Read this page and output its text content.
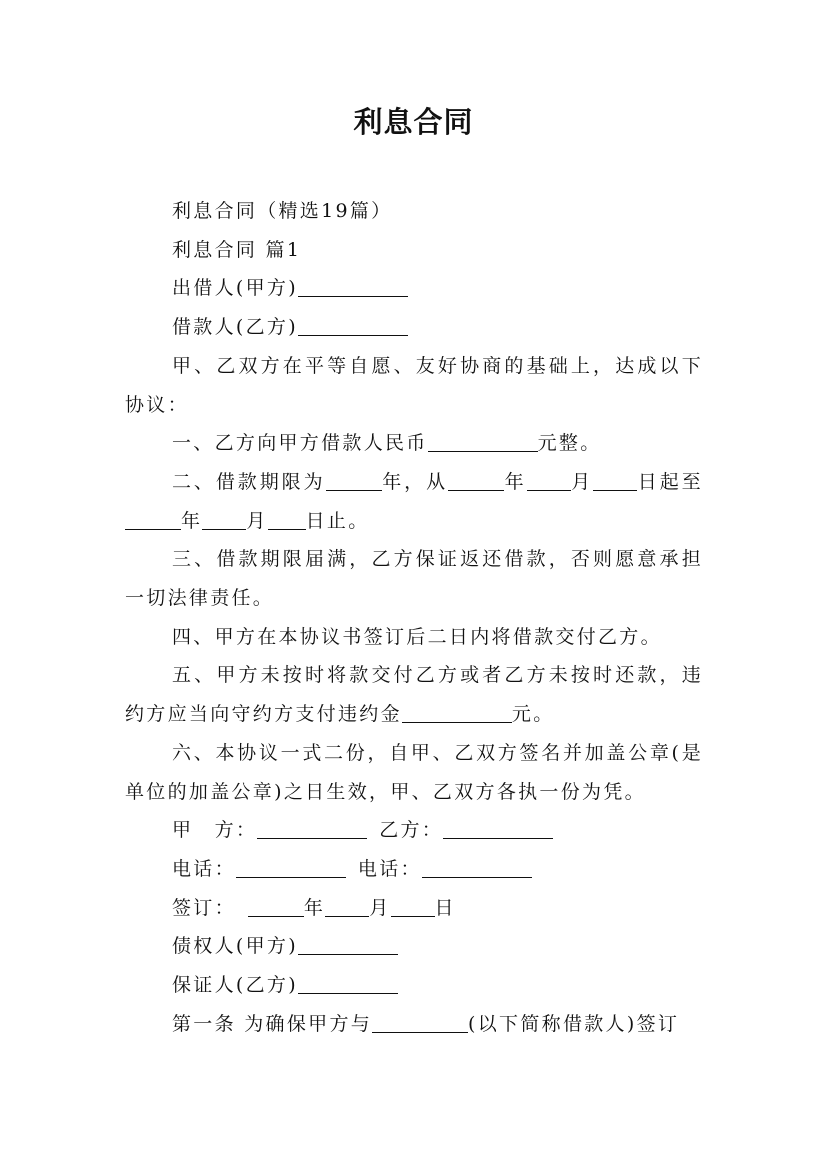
利息合同

利息合同（精选19篇）

利息合同 篇1

出借人(甲方)

借款人(乙方)

甲、乙双方在平等自愿、友好协商的基础上，达成以下协议：

一、乙方向甲方借款人民币	元整。

二、借款期限为	年，从	年 月 日起至年 月 日止。

三、借款期限届满，乙方保证返还借款，否则愿意承担一切法律责任。

四、甲方在本协议书签订后二日内将借款交付乙方。

五、甲方未按时将款交付乙方或者乙方未按时还款，违约方应当向守约方支付违约金	元。

六、本协议一式二份，自甲、乙双方签名并加盖公章(是单位的加盖公章)之日生效，甲、乙双方各执一份为凭。

甲　方：	乙方：

电话：	电话：

签订：	年 月 日

债权人(甲方)

保证人(乙方)

第一条 为确保甲方与	(以下简称借款人)签订
